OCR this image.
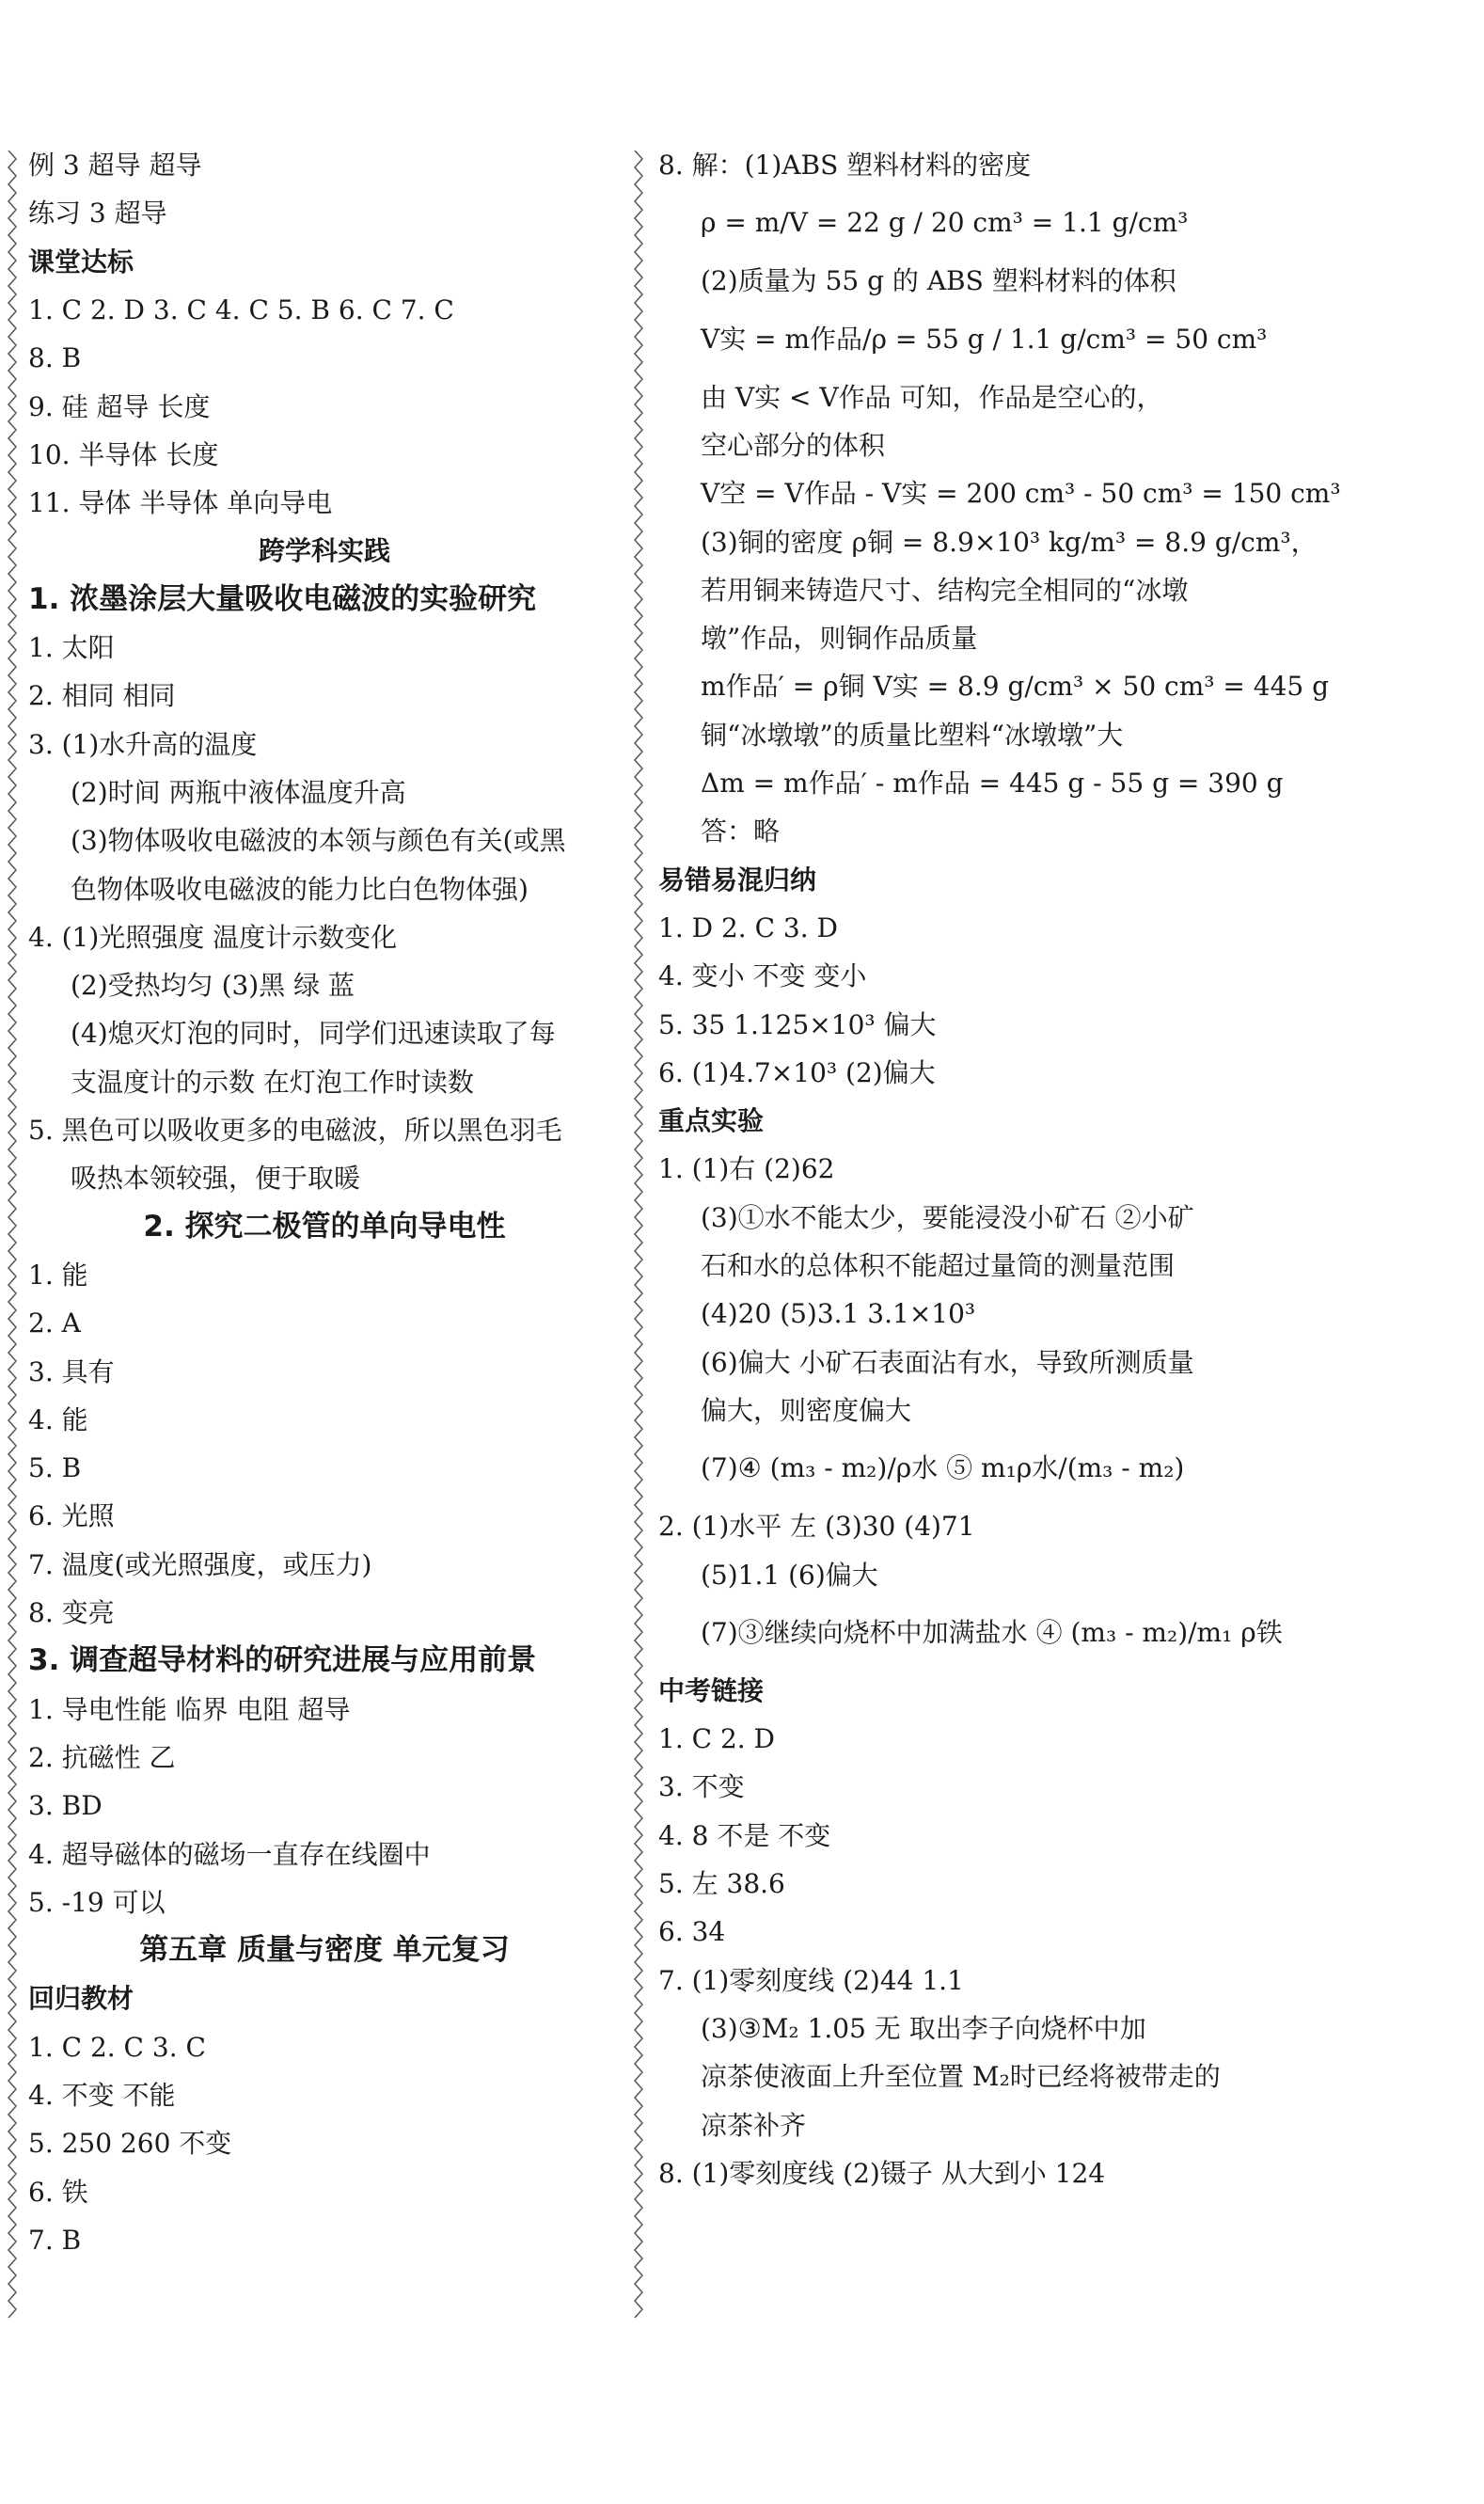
例 3 超导 超导
练习 3 超导
课堂达标
1. C 2. D 3. C 4. C 5. B 6. C 7. C
8. B
9. 硅 超导 长度
10. 半导体 长度
11. 导体 半导体 单向导电
跨学科实践
1. 浓墨涂层大量吸收电磁波的实验研究
1. 太阳
2. 相同 相同
3. (1)水升高的温度
(2)时间 两瓶中液体温度升高
(3)物体吸收电磁波的本领与颜色有关(或黑
色物体吸收电磁波的能力比白色物体强)
4. (1)光照强度 温度计示数变化
(2)受热均匀 (3)黑 绿 蓝
(4)熄灭灯泡的同时，同学们迅速读取了每
支温度计的示数 在灯泡工作时读数
5. 黑色可以吸收更多的电磁波，所以黑色羽毛
吸热本领较强，便于取暖
2. 探究二极管的单向导电性
1. 能
2. A
3. 具有
4. 能
5. B
6. 光照
7. 温度(或光照强度，或压力)
8. 变亮
3. 调查超导材料的研究进展与应用前景
1. 导电性能 临界 电阻 超导
2. 抗磁性 乙
3. BD
4. 超导磁体的磁场一直存在线圈中
5. -19 可以
第五章 质量与密度 单元复习
回归教材
1. C 2. C 3. C
4. 不变 不能
5. 250 260 不变
6. 铁
7. B
8. 解：(1)ABS 塑料材料的密度
ρ = m/V = 22 g / 20 cm³ = 1.1 g/cm³
(2)质量为 55 g 的 ABS 塑料材料的体积
V实 = m作品/ρ = 55 g / 1.1 g/cm³ = 50 cm³
由 V实 < V作品 可知，作品是空心的，
空心部分的体积
V空 = V作品 - V实 = 200 cm³ - 50 cm³ = 150 cm³
(3)铜的密度 ρ铜 = 8.9×10³ kg/m³ = 8.9 g/cm³，
若用铜来铸造尺寸、结构完全相同的“冰墩
墩”作品，则铜作品质量
m作品′ = ρ铜 V实 = 8.9 g/cm³ × 50 cm³ = 445 g
铜“冰墩墩”的质量比塑料“冰墩墩”大
Δm = m作品′ - m作品 = 445 g - 55 g = 390 g
答：略
易错易混归纳
1. D 2. C 3. D
4. 变小 不变 变小
5. 35 1.125×10³ 偏大
6. (1)4.7×10³ (2)偏大
重点实验
1. (1)右 (2)62
(3)①水不能太少，要能浸没小矿石 ②小矿
石和水的总体积不能超过量筒的测量范围
(4)20 (5)3.1 3.1×10³
(6)偏大 小矿石表面沾有水，导致所测质量
偏大，则密度偏大
(7)④ (m₃ - m₂)/ρ水 ⑤ m₁ρ水/(m₃ - m₂)
2. (1)水平 左 (3)30 (4)71
(5)1.1 (6)偏大
(7)③继续向烧杯中加满盐水 ④ (m₃ - m₂)/m₁ ρ铁
中考链接
1. C 2. D
3. 不变
4. 8 不是 不变
5. 左 38.6
6. 34
7. (1)零刻度线 (2)44 1.1
(3)③M₂ 1.05 无 取出李子向烧杯中加
凉茶使液面上升至位置 M₂时已经将被带走的
凉茶补齐
8. (1)零刻度线 (2)镊子 从大到小 124
